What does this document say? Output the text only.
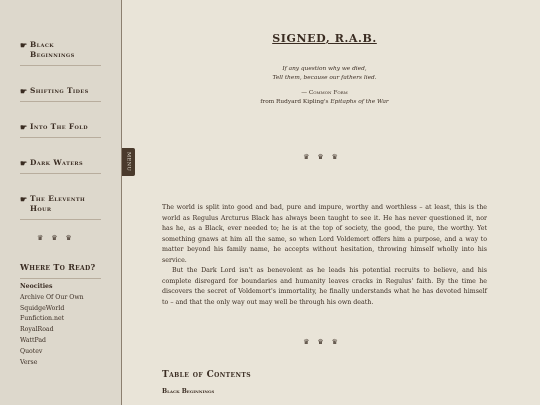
☛ Black Beginnings
☛ Shifting Tides
☛ Into The Fold
☛ Dark Waters
☛ The Eleventh Hour
♛♛♛
Where To Read?
Neocities
Archive Of Our Own
SquidgeWorld
Funfiction.net
RoyalRoad
WattPad
Quotev
Verse
MENU
SIGNED, R.A.B.
If any question why we died,
Tell them, because our fathers lied.
— Common Form
from Rudyard Kipling's Epitaphs of the War
♛♛♛

The world is split into good and bad, pure and impure, worthy and worthless – at least, this is the world as Regulus Arcturus Black has always been taught to see it. He has never questioned it, nor has he, as a Black, ever needed to; he is at the top of society, the good, the pure, the worthy. Yet something gnaws at him all the same, so when Lord Voldemort offers him a purpose, and a way to matter beyond his family name, he accepts without hesitation, throwing himself wholly into his service.

But the Dark Lord isn't as benevolent as he leads his potential recruits to believe, and his complete disregard for boundaries and humanity leaves cracks in Regulus' faith. By the time he discovers the secret of Voldemort's immortality, he finally understands what he has devoted himself to – and that the only way out may well be through his own death.

♛♛♛
Table of Contents
Black Beginnings
